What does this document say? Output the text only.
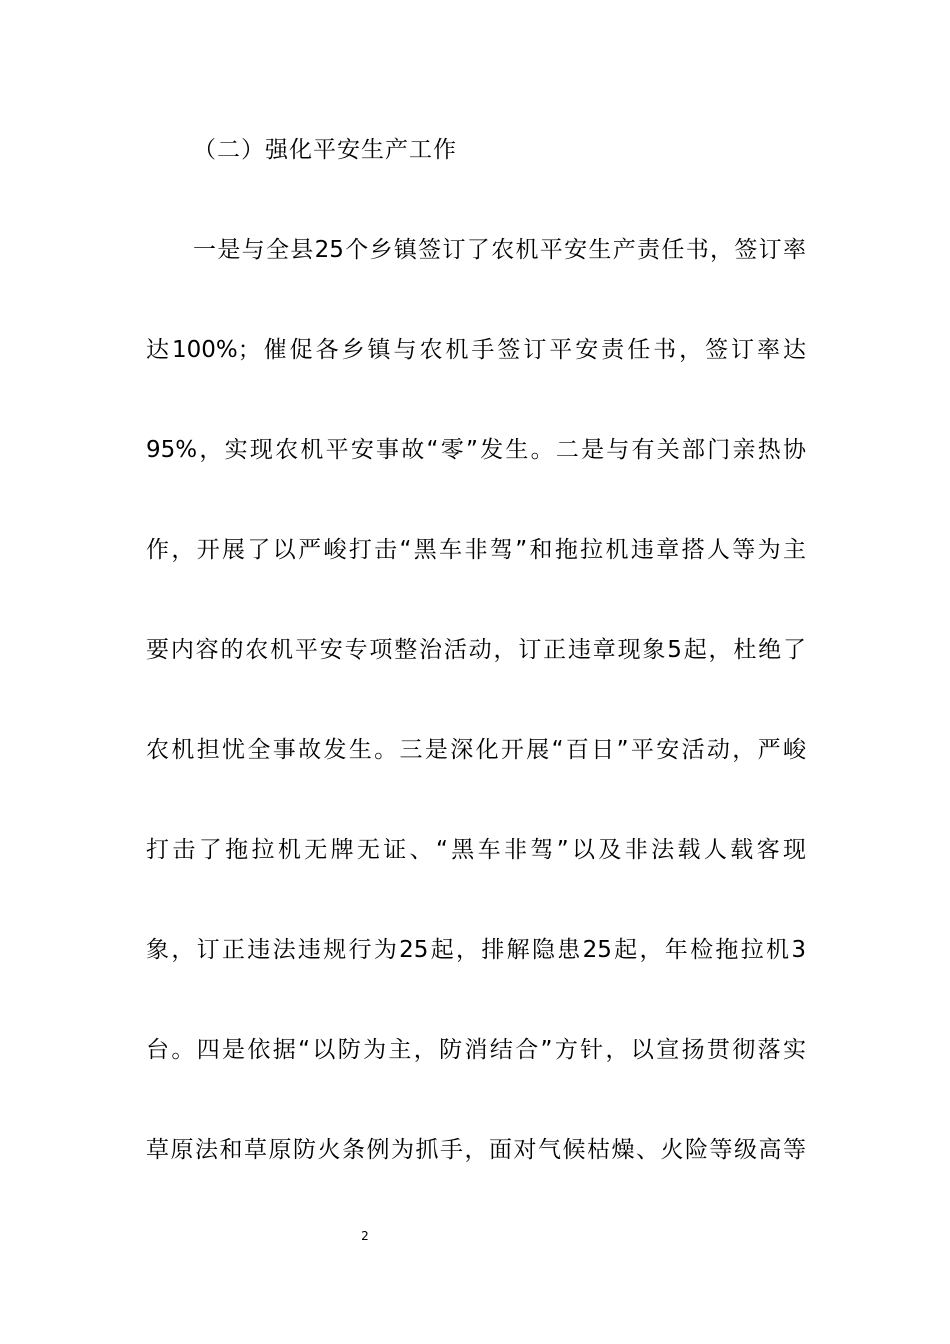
（二）强化平安生产工作
一是与全县25个乡镇签订了农机平安生产责任书，签订率
达100%；催促各乡镇与农机手签订平安责任书，签订率达
95%，实现农机平安事故“零”发生。二是与有关部门亲热协
作，开展了以严峻打击“黑车非驾”和拖拉机违章搭人等为主
要内容的农机平安专项整治活动，订正违章现象5起，杜绝了
农机担忧全事故发生。三是深化开展“百日”平安活动，严峻
打击了拖拉机无牌无证、“黑车非驾”以及非法载人载客现
象，订正违法违规行为25起，排解隐患25起，年检拖拉机3
台。四是依据“以防为主，防消结合”方针，以宣扬贯彻落实
草原法和草原防火条例为抓手，面对气候枯燥、火险等级高等
2
